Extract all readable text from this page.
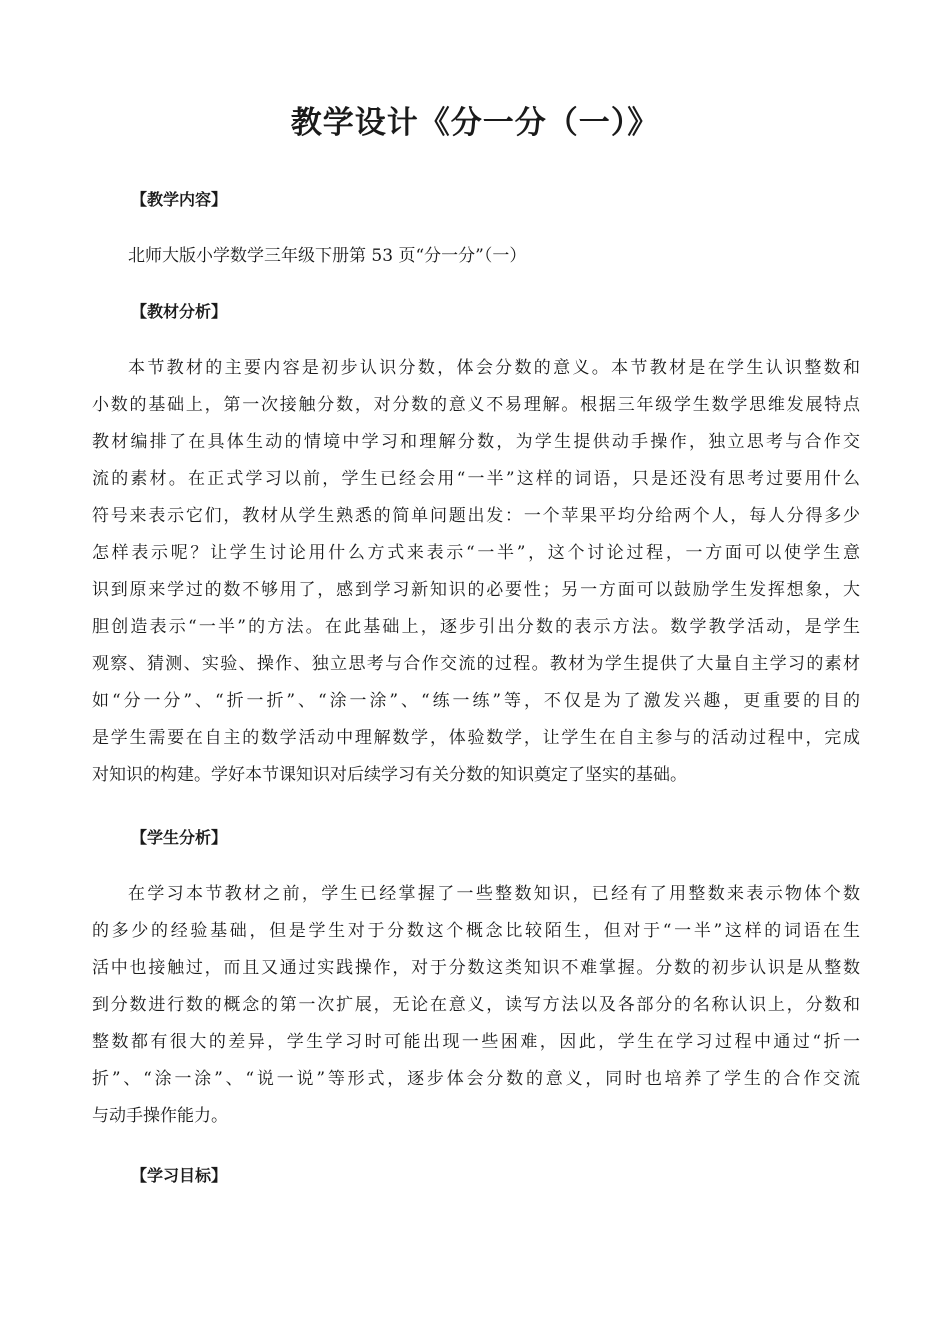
教学设计《分一分（一）》
【教学内容】
北师大版小学数学三年级下册第 53 页“分一分”（一）
【教材分析】
本节教材的主要内容是初步认识分数，体会分数的意义。本节教材是在学生认识整数和
小数的基础上，第一次接触分数，对分数的意义不易理解。根据三年级学生数学思维发展特点
教材编排了在具体生动的情境中学习和理解分数，为学生提供动手操作，独立思考与合作交
流的素材。在正式学习以前，学生已经会用“一半”这样的词语，只是还没有思考过要用什么
符号来表示它们，教材从学生熟悉的简单问题出发：一个苹果平均分给两个人，每人分得多少
怎样表示呢？让学生讨论用什么方式来表示“一半”，这个讨论过程，一方面可以使学生意
识到原来学过的数不够用了，感到学习新知识的必要性；另一方面可以鼓励学生发挥想象，大
胆创造表示“一半”的方法。在此基础上，逐步引出分数的表示方法。数学教学活动，是学生
观察、猜测、实验、操作、独立思考与合作交流的过程。教材为学生提供了大量自主学习的素材
如“分一分”、“折一折”、“涂一涂”、“练一练”等，不仅是为了激发兴趣，更重要的目的
是学生需要在自主的数学活动中理解数学，体验数学，让学生在自主参与的活动过程中，完成
对知识的构建。学好本节课知识对后续学习有关分数的知识奠定了坚实的基础。
【学生分析】
在学习本节教材之前，学生已经掌握了一些整数知识，已经有了用整数来表示物体个数
的多少的经验基础，但是学生对于分数这个概念比较陌生，但对于“一半”这样的词语在生
活中也接触过，而且又通过实践操作，对于分数这类知识不难掌握。分数的初步认识是从整数
到分数进行数的概念的第一次扩展，无论在意义，读写方法以及各部分的名称认识上，分数和
整数都有很大的差异，学生学习时可能出现一些困难，因此，学生在学习过程中通过“折一
折”、“涂一涂”、“说一说”等形式，逐步体会分数的意义，同时也培养了学生的合作交流
与动手操作能力。
【学习目标】
